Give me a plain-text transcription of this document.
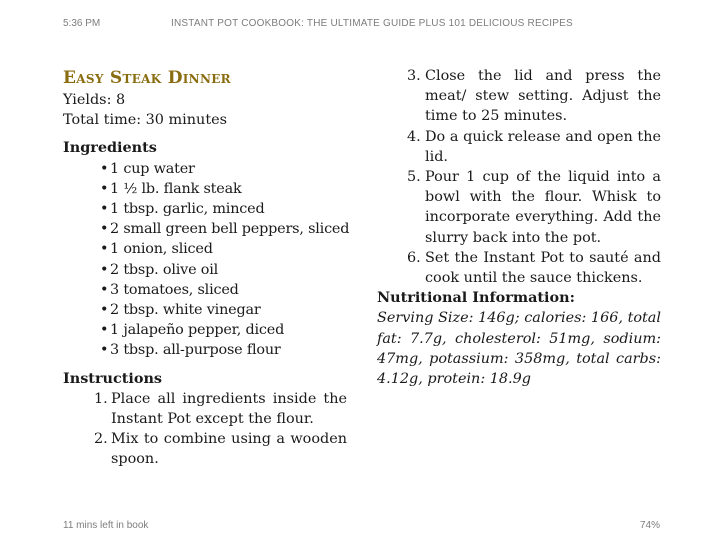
5:36 PM	INSTANT POT COOKBOOK: THE ULTIMATE GUIDE PLUS 101 DELICIOUS RECIPES
Easy Steak Dinner
Yields: 8
Total time: 30 minutes
Ingredients
• 1 cup water
• 1 ½ lb. flank steak
• 1 tbsp. garlic, minced
• 2 small green bell peppers, sliced
• 1 onion, sliced
• 2 tbsp. olive oil
• 3 tomatoes, sliced
• 2 tbsp. white vinegar
• 1 jalapeño pepper, diced
• 3 tbsp. all-purpose flour
Instructions
1. Place all ingredients inside the Instant Pot except the flour.
2. Mix to combine using a wooden spoon.
3. Close the lid and press the meat/ stew setting. Adjust the time to 25 minutes.
4. Do a quick release and open the lid.
5. Pour 1 cup of the liquid into a bowl with the flour. Whisk to incorporate everything. Add the slurry back into the pot.
6. Set the Instant Pot to sauté and cook until the sauce thickens.
Nutritional Information:
Serving Size: 146g; calories: 166, total fat: 7.7g, cholesterol: 51mg, sodium: 47mg, potassium: 358mg, total carbs: 4.12g, protein: 18.9g
11 mins left in book	74%
